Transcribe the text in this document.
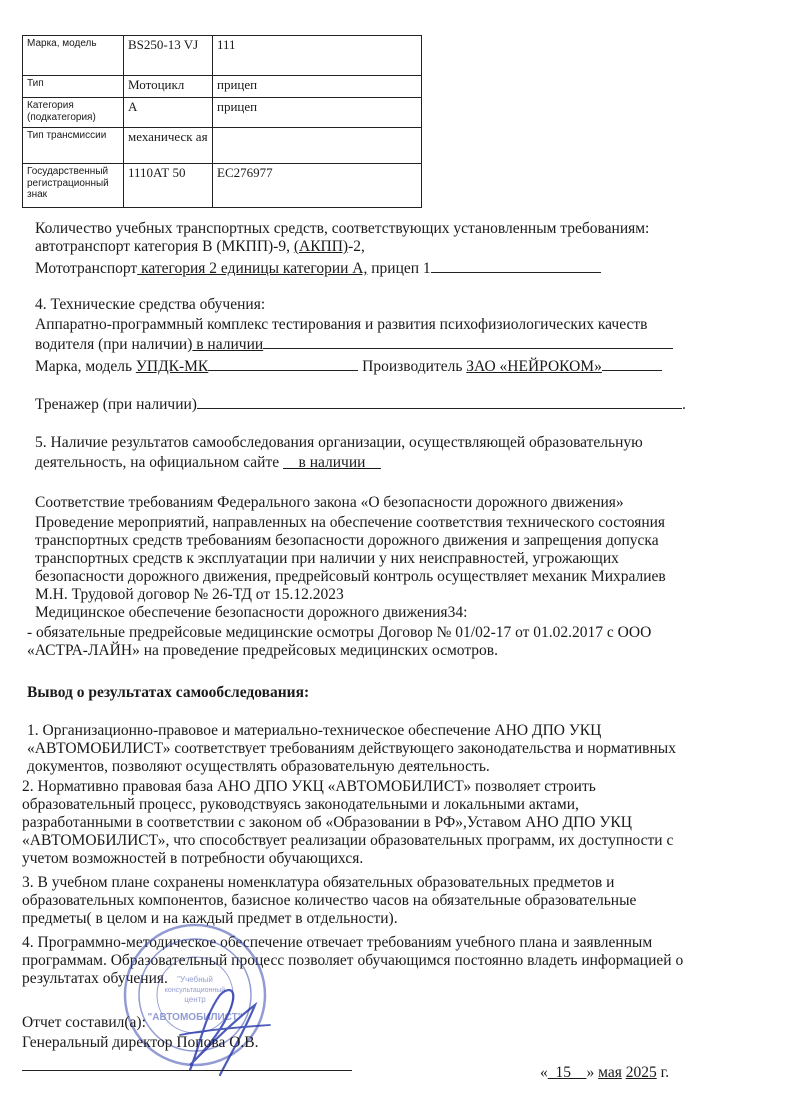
Марка, модель	BS250-13 VJ	111
Тип	Мотоцикл	прицеп
Категория (подкатегория)	А	прицеп
Тип трансмиссии	механическ ая	
Государственный регистрационный знак	1110АТ 50	ЕС276977
Количество учебных транспортных средств, соответствующих установленным требованиям:
автотранспорт категория В (МКПП)-9, (АКПП)-2,
Мототранспорт категория 2 единицы категории А, прицеп 1
4. Технические средства обучения:
Аппаратно-программный комплекс тестирования и развития психофизиологических качеств
водителя (при наличии) в наличии
Марка, модель УПДК-МК	Производитель ЗАО «НЕЙРОКОМ»
Тренажер (при наличии)	.
5. Наличие результатов самообследования организации, осуществляющей образовательную
деятельность, на официальном сайте     в наличии
Соответствие требованиям Федерального закона «О безопасности дорожного движения»
Проведение мероприятий, направленных на обеспечение соответствия технического состояния
транспортных средств требованиям безопасности дорожного движения и запрещения допуска
транспортных средств к эксплуатации при наличии у них неисправностей, угрожающих
безопасности дорожного движения, предрейсовый контроль осуществляет механик Михралиев
М.Н. Трудовой договор № 26-ТД от 15.12.2023
Медицинское обеспечение безопасности дорожного движения34:
- обязательные предрейсовые медицинские осмотры Договор № 01/02-17 от 01.02.2017 с ООО
«АСТРА-ЛАЙН» на проведение предрейсовых медицинских осмотров.
Вывод о результатах самообследования:
1. Организационно-правовое и материально-техническое обеспечение АНО ДПО УКЦ
«АВТОМОБИЛИСТ» соответствует требованиям действующего законодательства и нормативных
документов, позволяют осуществлять образовательную деятельность.
2. Нормативно правовая база АНО ДПО УКЦ «АВТОМОБИЛИСТ» позволяет строить
образовательный процесс, руководствуясь законодательными и локальными актами,
разработанными в соответствии с законом об «Образовании в РФ»,Уставом АНО ДПО УКЦ
«АВТОМОБИЛИСТ», что способствует реализации образовательных программ, их доступности с
учетом возможностей в потребности обучающихся.
3. В учебном плане сохранены номенклатура обязательных образовательных предметов и
образовательных компонентов, базисное количество часов на обязательные образовательные
предметы( в целом и на каждый предмет в отдельности).
4. Программно-методическое обеспечение отвечает требованиям учебного плана и заявленным
программам. Образовательный процесс позволяет обучающимся постоянно владеть информацией о
результатах обучения. "Учебный
консультационный
центр
"АВТОМОБИЛИСТ"
Отчет составил(а):
Генеральный директор Попова О.В.
« 15 » мая 2025 г.
